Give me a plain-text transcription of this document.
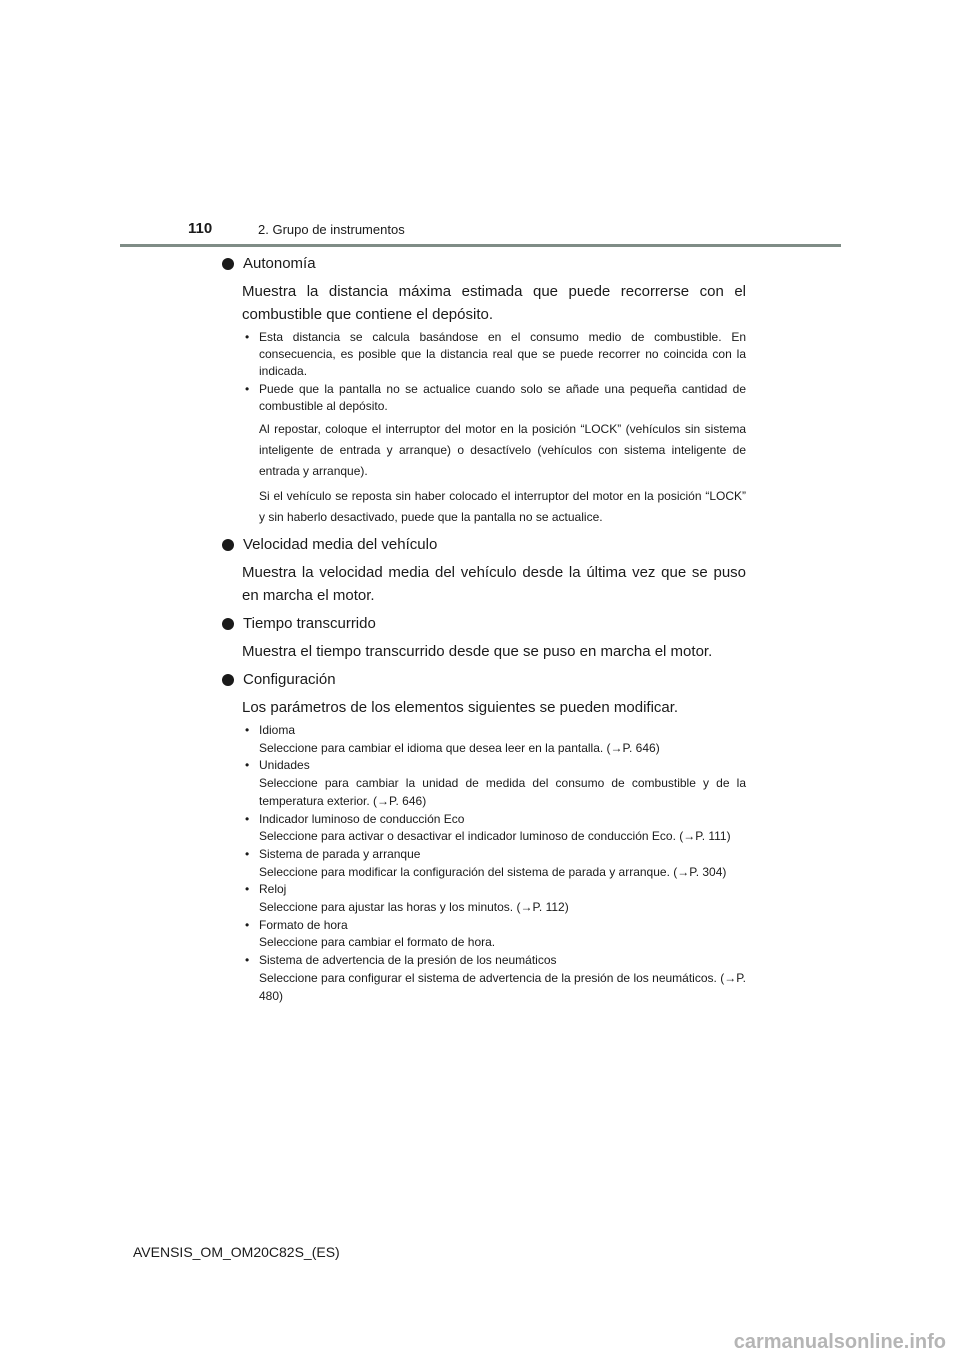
110	2. Grupo de instrumentos
Autonomía
Muestra la distancia máxima estimada que puede recorrerse con el combustible que contiene el depósito.
• Esta distancia se calcula basándose en el consumo medio de combustible. En consecuencia, es posible que la distancia real que se puede recorrer no coincida con la indicada.
• Puede que la pantalla no se actualice cuando solo se añade una pequeña cantidad de combustible al depósito.
Al repostar, coloque el interruptor del motor en la posición “LOCK” (vehículos sin sistema inteligente de entrada y arranque) o desactívelo (vehículos con sistema inteligente de entrada y arranque).
Si el vehículo se reposta sin haber colocado el interruptor del motor en la posición “LOCK” y sin haberlo desactivado, puede que la pantalla no se actualice.
Velocidad media del vehículo
Muestra la velocidad media del vehículo desde la última vez que se puso en marcha el motor.
Tiempo transcurrido
Muestra el tiempo transcurrido desde que se puso en marcha el motor.
Configuración
Los parámetros de los elementos siguientes se pueden modificar.
• Idioma
Seleccione para cambiar el idioma que desea leer en la pantalla. (→P. 646)
• Unidades
Seleccione para cambiar la unidad de medida del consumo de combustible y de la temperatura exterior. (→P. 646)
• Indicador luminoso de conducción Eco
Seleccione para activar o desactivar el indicador luminoso de conducción Eco. (→P. 111)
• Sistema de parada y arranque
Seleccione para modificar la configuración del sistema de parada y arranque. (→P. 304)
• Reloj
Seleccione para ajustar las horas y los minutos. (→P. 112)
• Formato de hora
Seleccione para cambiar el formato de hora.
• Sistema de advertencia de la presión de los neumáticos
Seleccione para configurar el sistema de advertencia de la presión de los neumáticos. (→P. 480)
AVENSIS_OM_OM20C82S_(ES)
carmanualsonline.info
